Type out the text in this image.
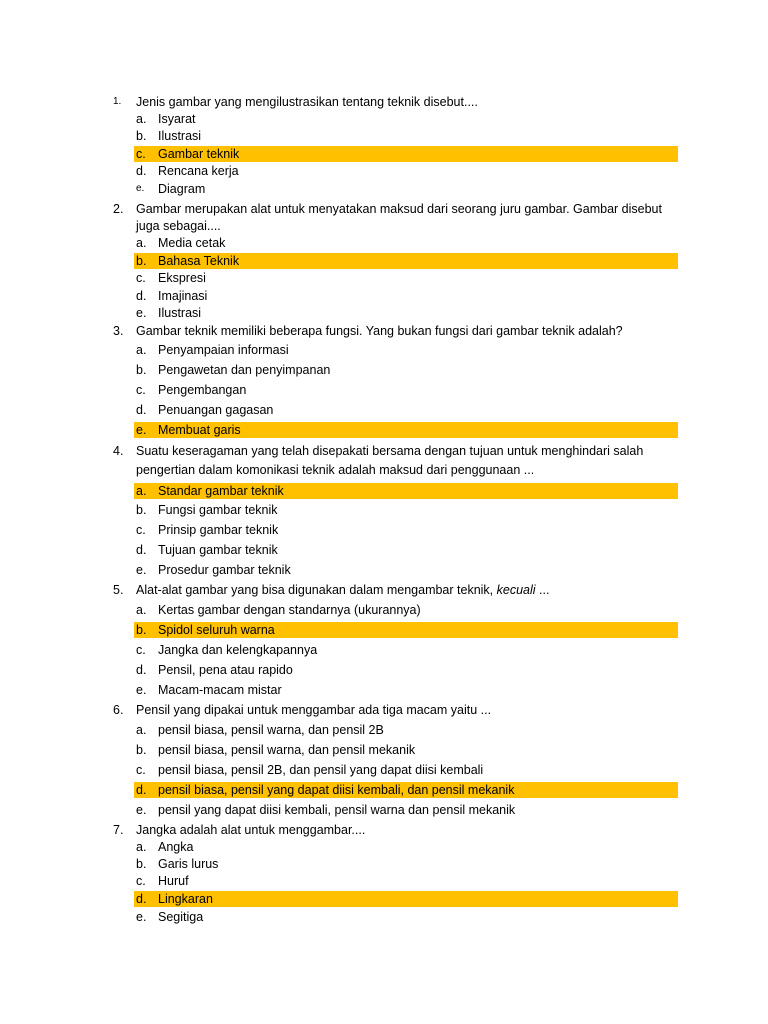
1.

Jenis gambar yang mengilustrasikan tentang teknik disebut....

a.

Isyarat

b.

Ilustrasi

c.

Gambar teknik

d.

Rencana kerja

e.

Diagram

2.

Gambar merupakan alat untuk menyatakan maksud dari seorang juru gambar. Gambar disebut

juga sebagai....

a.

Media cetak

b.

Bahasa Teknik

c.

Ekspresi

d.

Imajinasi

e.

Ilustrasi

3.

Gambar teknik memiliki beberapa fungsi. Yang bukan fungsi dari gambar teknik adalah?

a.

Penyampaian informasi

b.

Pengawetan dan penyimpanan

c.

Pengembangan

d.

Penuangan gagasan

e.

Membuat garis

4.

Suatu keseragaman yang telah disepakati bersama dengan tujuan untuk menghindari salah

pengertian dalam komonikasi teknik adalah maksud dari penggunaan ...

a.

Standar gambar teknik

b.

Fungsi gambar teknik

c.

Prinsip gambar teknik

d.

Tujuan gambar teknik

e.

Prosedur gambar teknik

5.

Alat-alat gambar yang bisa digunakan dalam mengambar teknik, kecuali ...

a.

Kertas gambar dengan standarnya (ukurannya)

b.

Spidol seluruh warna

c.

Jangka dan kelengkapannya

d.

Pensil, pena atau rapido

e.

Macam-macam mistar

6.

Pensil yang dipakai untuk menggambar ada tiga macam yaitu ...

a.

pensil biasa, pensil warna, dan pensil 2B

b.

pensil biasa, pensil warna, dan pensil mekanik

c.

pensil biasa, pensil 2B, dan pensil yang dapat diisi kembali

d.

pensil biasa, pensil yang dapat diisi kembali, dan pensil mekanik

e.

pensil yang dapat diisi kembali, pensil warna dan pensil mekanik

7.

Jangka adalah alat untuk menggambar....

a.

Angka

b.

Garis lurus

c.

Huruf

d.

Lingkaran

e.

Segitiga
